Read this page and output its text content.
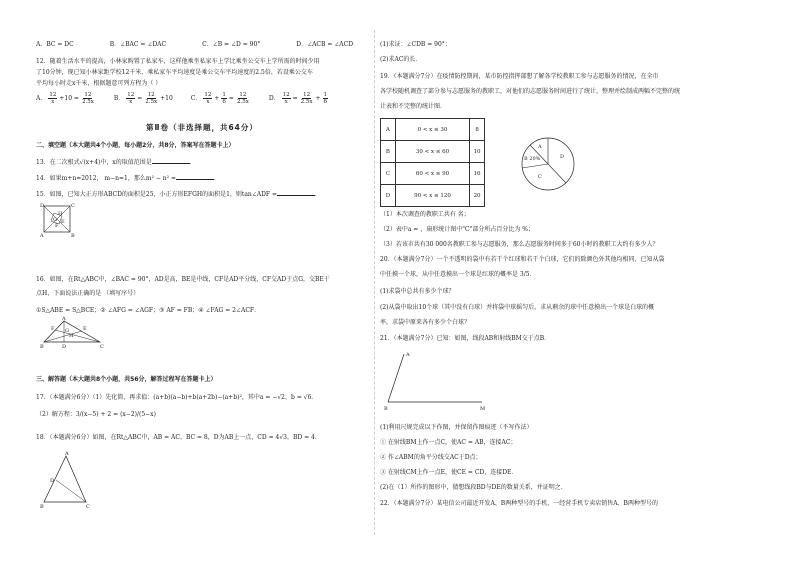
A．BC = DC	B．∠BAC = ∠DAC	C．∠B = ∠D = 90°	D．∠ACB = ∠ACD
12．随着生活水平的提高，小林家购置了私家车，这样他乘坐私家车上学比乘坐公交车上学所需的时间少用
了10分钟，现已知小林家距学校12千米，乘私家车平均速度是乘公交车平均速度的2.5倍，若设乘公交车
平均每小时走x千米，根据题意可列方程为（ ）
A． $\frac{12}{x} +10 = \frac{12}{2.5x}$	B． $\frac{12}{x} = \frac{12}{2.5x} +10$	C． $\frac{12}{x} + \frac{1}{6} = \frac{12}{2.5x}$	D． $\frac{12}{x} = \frac{12}{2.5x} + \frac{1}{6}$
第Ⅱ卷（非选择题，共64分）
二、填空题（本大题共4个小题，每小题2分，共8分，答案写在答题卡上）
13．在二次根式√(x+4)中，x的取值范围是	．
14．如果m+n=2012， m−n=1，那么m² − n² =	．
15．如图，已知大正方形ABCD的面积是25，小正方形EFGH的面积是1，则tan∠ADF =	．
D	C
A	B
H
G E
F
16．如图，在Rt△ABC中，∠BAC = 90°，AD是高，BE是中线，CF是AD平分线，CF交AD于点G，交BE于
点H，下面说法正确的是 （填写序号）
①S△ABE = S△BCE；② ∠AFG = ∠AGF；③ AF = FB；④ ∠FAG = 2∠ACF．
A
B	C
D
E
F G
H
三、解答题（本大题共8个小题，共56分，解答过程写在答题卡上）
17．（本题满分6分）（1）先化简，再求值：(a+b)(a−b)+b(a+2b)−(a+b)²，其中a = −√2，b = √6．
（2）解方程：3/(x−5) + 2 = (x−2)/(5−x)
18．（本题满分6分）如图，在Rt△ABC中，AB = AC，BC = 8，D为AB上一点，CD = 4√3，BD = 4．
A
B	C
D
(1)求证：∠CDB = 90°；
(2)求AC的长．
19．（本题满分7分）在疫情防控期间，某市防控指挥部想了解各学校教职工参与志愿服务的情况，在全市
各学校随机调查了部分参与志愿服务的教职工，对他们的志愿服务时间进行了统计，整理并绘制成两幅不完整的统
计表和不完整的统计图．
A	0 < x ≤ 30	8
B	30 < x ≤ 60	10
C	60 < x ≤ 90	16
D	90 < x ≤ 120	20
A
B 20%
C
D
（1）本次调查的教职工共有 名；
（2）表中a = ，扇形统计图中"C"部分所占百分比为 %；
（3）若该市共有30 000名教职工参与志愿服务，那么志愿服务时间多于60小时的教职工大约有多少人？
20．（本题满分7分）一个不透明的袋中有若干个红球和若干个白球，它们的除颜色外其他均相同，已知从袋
中任摸一个球，从中任意摸出一个球是红球的概率是 3/5．
(1)求袋中总共有多少个球？
(2)从袋中取出10个球（其中没有白球）并将袋中球摇匀后，求从剩余的球中任意摸出一个球是白球的概
率，求袋中原来各有多少个白球？
21．（本题满分7分）已知：如图，线段AB和射线BM交于点B．
A
B	M
(1)利用尺规完成以下作图，并保留作图痕迹（不写作法）
① 在射线BM上作一点C，使AC = AB，连接AC；
② 作∠ABM的角平分线交AC于D点；
③ 在射线CM上作一点E，使CE = CD，连接DE．
(2)在（1）所作的图形中，猜想线段BD与DE的数量关系，并证明之．
22．（本题满分7分）某电信公司最近开发A、B两种型号的手机，一经营手机专卖店销售A、B两种型号的
